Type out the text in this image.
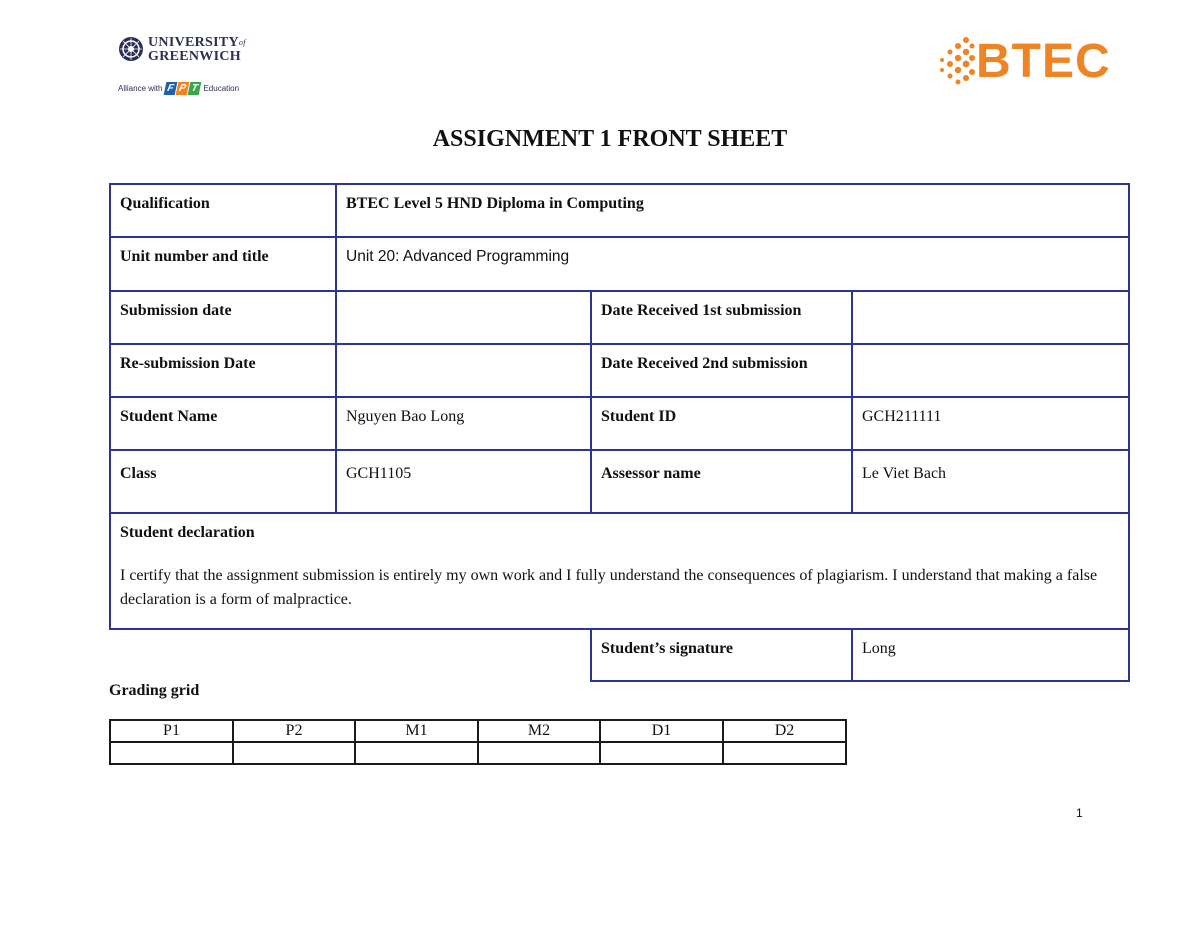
$UNIVERSITY^{of}$
GREENWICH
Alliance with F P T Education	BTEC
ASSIGNMENT 1 FRONT SHEET
Qualification	BTEC Level 5 HND Diploma in Computing		
Unit number and title	Unit 20: Advanced Programming		
Submission date		Date Received 1st submission	
Re-submission Date		Date Received 2nd submission	
Student Name	Nguyen Bao Long	Student ID	GCH211111
Class	GCH1105	Assessor name	Le Viet Bach

Student declaration
I certify that the assignment submission is entirely my own work and I fully understand the consequences of plagiarism. I understand that making a false declaration is a form of malpractice.			

		Student’s signature	Long
Grading grid
P1	P2	M1	M2	D1	D2

1
